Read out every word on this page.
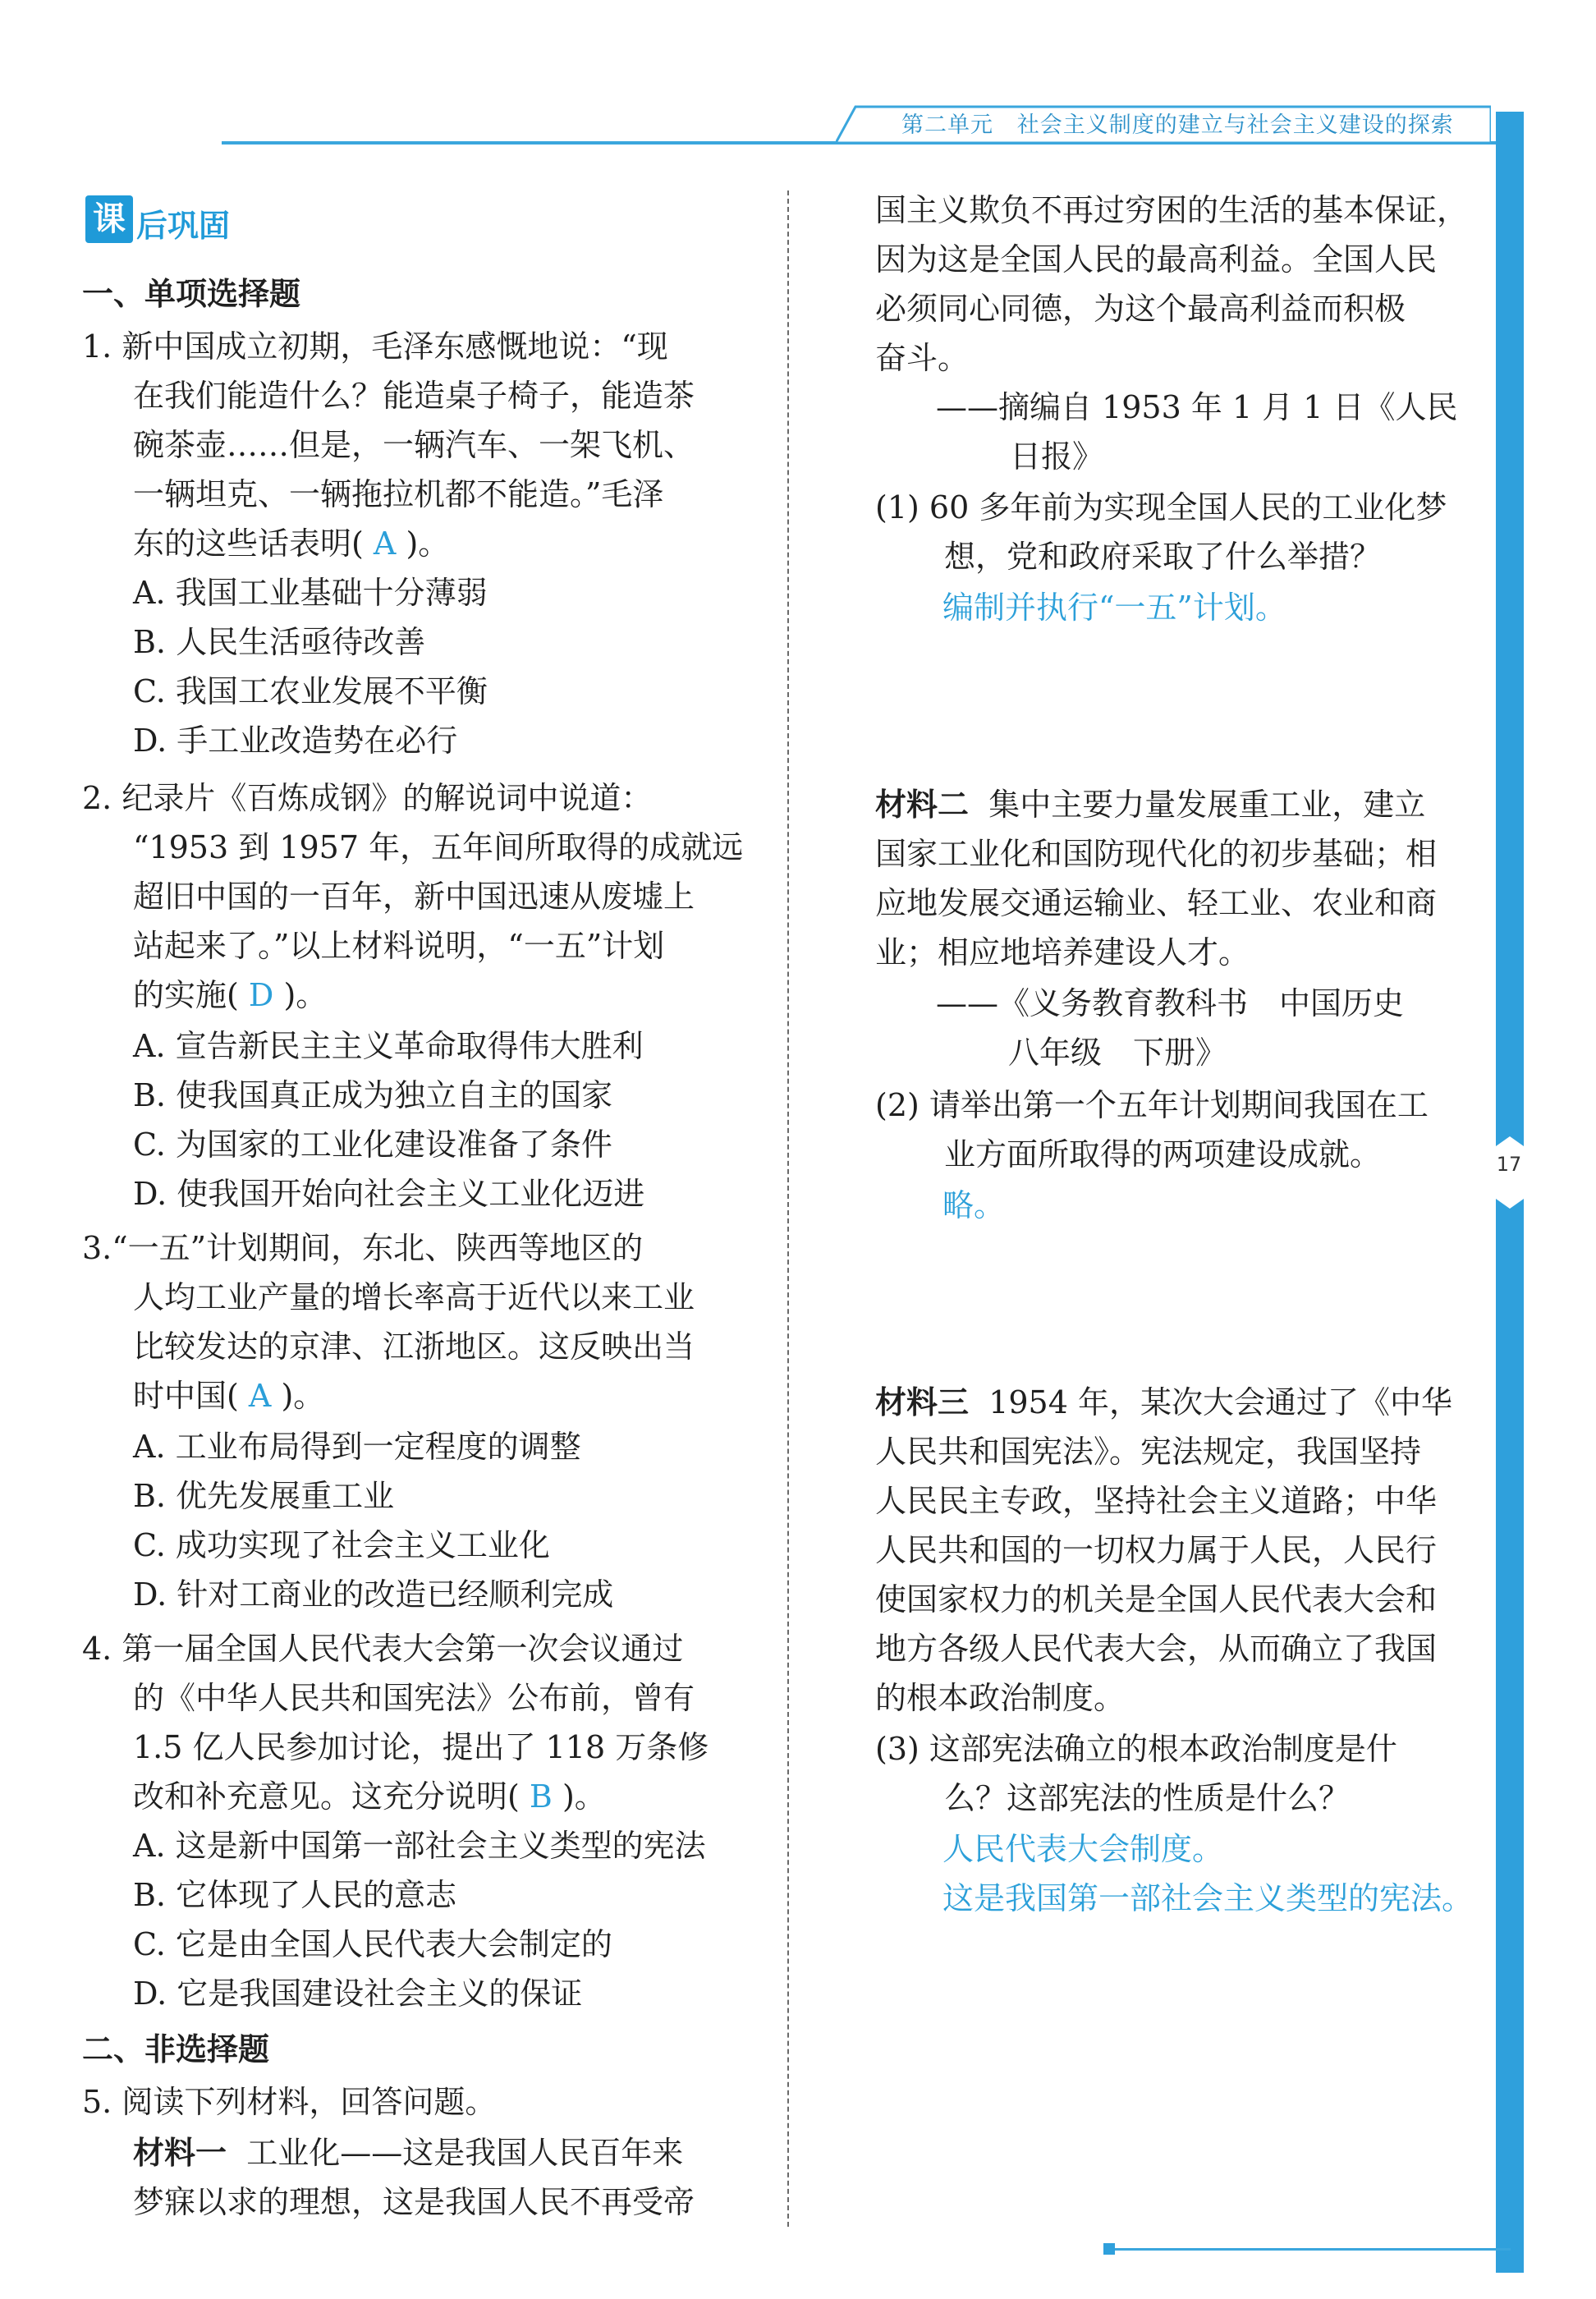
第二单元 社会主义制度的建立与社会主义建设的探索
17
课 后巩固
一、单项选择题
1. 新中国成立初期，毛泽东感慨地说：“现
在我们能造什么？能造桌子椅子，能造茶
碗茶壶……但是，一辆汽车、一架飞机、
一辆坦克、一辆拖拉机都不能造。”毛泽
东的这些话表明( A )。
A. 我国工业基础十分薄弱
B. 人民生活亟待改善
C. 我国工农业发展不平衡
D. 手工业改造势在必行
2. 纪录片《百炼成钢》的解说词中说道：
“1953 到 1957 年，五年间所取得的成就远
超旧中国的一百年，新中国迅速从废墟上
站起来了。”以上材料说明，“一五”计划
的实施( D )。
A. 宣告新民主主义革命取得伟大胜利
B. 使我国真正成为独立自主的国家
C. 为国家的工业化建设准备了条件
D. 使我国开始向社会主义工业化迈进
3.“一五”计划期间，东北、陕西等地区的
人均工业产量的增长率高于近代以来工业
比较发达的京津、江浙地区。这反映出当
时中国( A )。
A. 工业布局得到一定程度的调整
B. 优先发展重工业
C. 成功实现了社会主义工业化
D. 针对工商业的改造已经顺利完成
4. 第一届全国人民代表大会第一次会议通过
的《中华人民共和国宪法》公布前，曾有
1.5 亿人民参加讨论，提出了 118 万条修
改和补充意见。这充分说明( B )。
A. 这是新中国第一部社会主义类型的宪法
B. 它体现了人民的意志
C. 它是由全国人民代表大会制定的
D. 它是我国建设社会主义的保证
二、非选择题
5. 阅读下列材料，回答问题。
材料一 工业化——这是我国人民百年来
梦寐以求的理想，这是我国人民不再受帝
国主义欺负不再过穷困的生活的基本保证，
因为这是全国人民的最高利益。全国人民
必须同心同德，为这个最高利益而积极
奋斗。
——摘编自 1953 年 1 月 1 日《人民
日报》
(1) 60 多年前为实现全国人民的工业化梦
想，党和政府采取了什么举措？
编制并执行“一五”计划。
材料二 集中主要力量发展重工业，建立
国家工业化和国防现代化的初步基础；相
应地发展交通运输业、轻工业、农业和商
业；相应地培养建设人才。
——《义务教育教科书　中国历史
八年级　下册》
(2) 请举出第一个五年计划期间我国在工
业方面所取得的两项建设成就。
略。
材料三 1954 年，某次大会通过了《中华
人民共和国宪法》。宪法规定，我国坚持
人民民主专政，坚持社会主义道路；中华
人民共和国的一切权力属于人民，人民行
使国家权力的机关是全国人民代表大会和
地方各级人民代表大会，从而确立了我国
的根本政治制度。
(3) 这部宪法确立的根本政治制度是什
么？这部宪法的性质是什么？
人民代表大会制度。
这是我国第一部社会主义类型的宪法。
